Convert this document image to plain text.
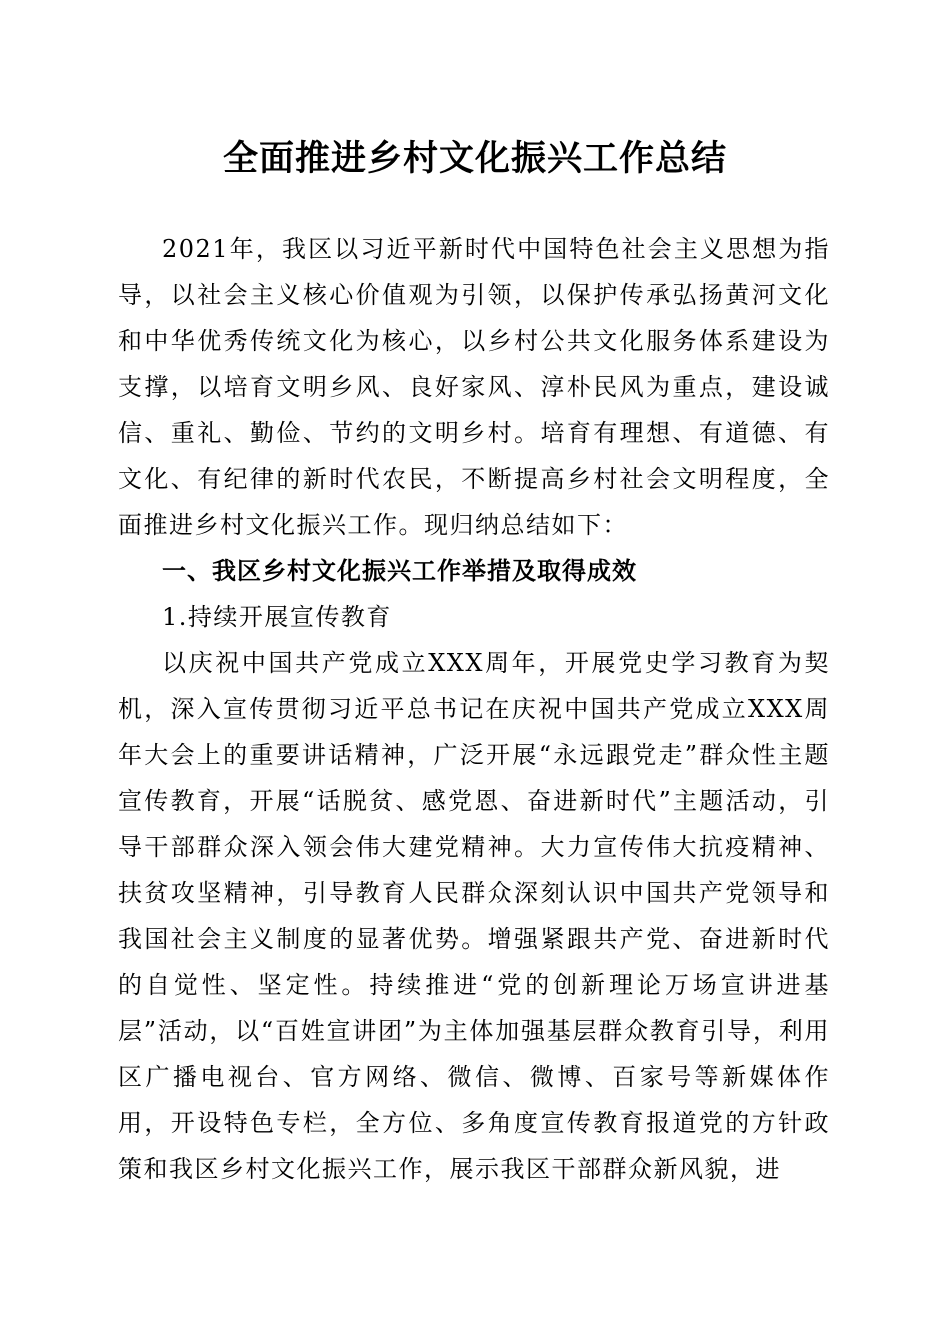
全面推进乡村文化振兴工作总结

2021年，我区以习近平新时代中国特色社会主义思想为指导，以社会主义核心价值观为引领，以保护传承弘扬黄河文化和中华优秀传统文化为核心，以乡村公共文化服务体系建设为支撑，以培育文明乡风、良好家风、淳朴民风为重点，建设诚信、重礼、勤俭、节约的文明乡村。培育有理想、有道德、有文化、有纪律的新时代农民，不断提高乡村社会文明程度，全面推进乡村文化振兴工作。现归纳总结如下：

一、我区乡村文化振兴工作举措及取得成效

1.持续开展宣传教育

以庆祝中国共产党成立XXX周年，开展党史学习教育为契机，深入宣传贯彻习近平总书记在庆祝中国共产党成立XXX周年大会上的重要讲话精神，广泛开展“永远跟党走”群众性主题宣传教育，开展“话脱贫、感党恩、奋进新时代”主题活动，引导干部群众深入领会伟大建党精神。大力宣传伟大抗疫精神、扶贫攻坚精神，引导教育人民群众深刻认识中国共产党领导和我国社会主义制度的显著优势。增强紧跟共产党、奋进新时代的自觉性、坚定性。持续推进“党的创新理论万场宣讲进基层”活动，以“百姓宣讲团”为主体加强基层群众教育引导，利用区广播电视台、官方网络、微信、微博、百家号等新媒体作用，开设特色专栏，全方位、多角度宣传教育报道党的方针政策和我区乡村文化振兴工作，展示我区干部群众新风貌，进
